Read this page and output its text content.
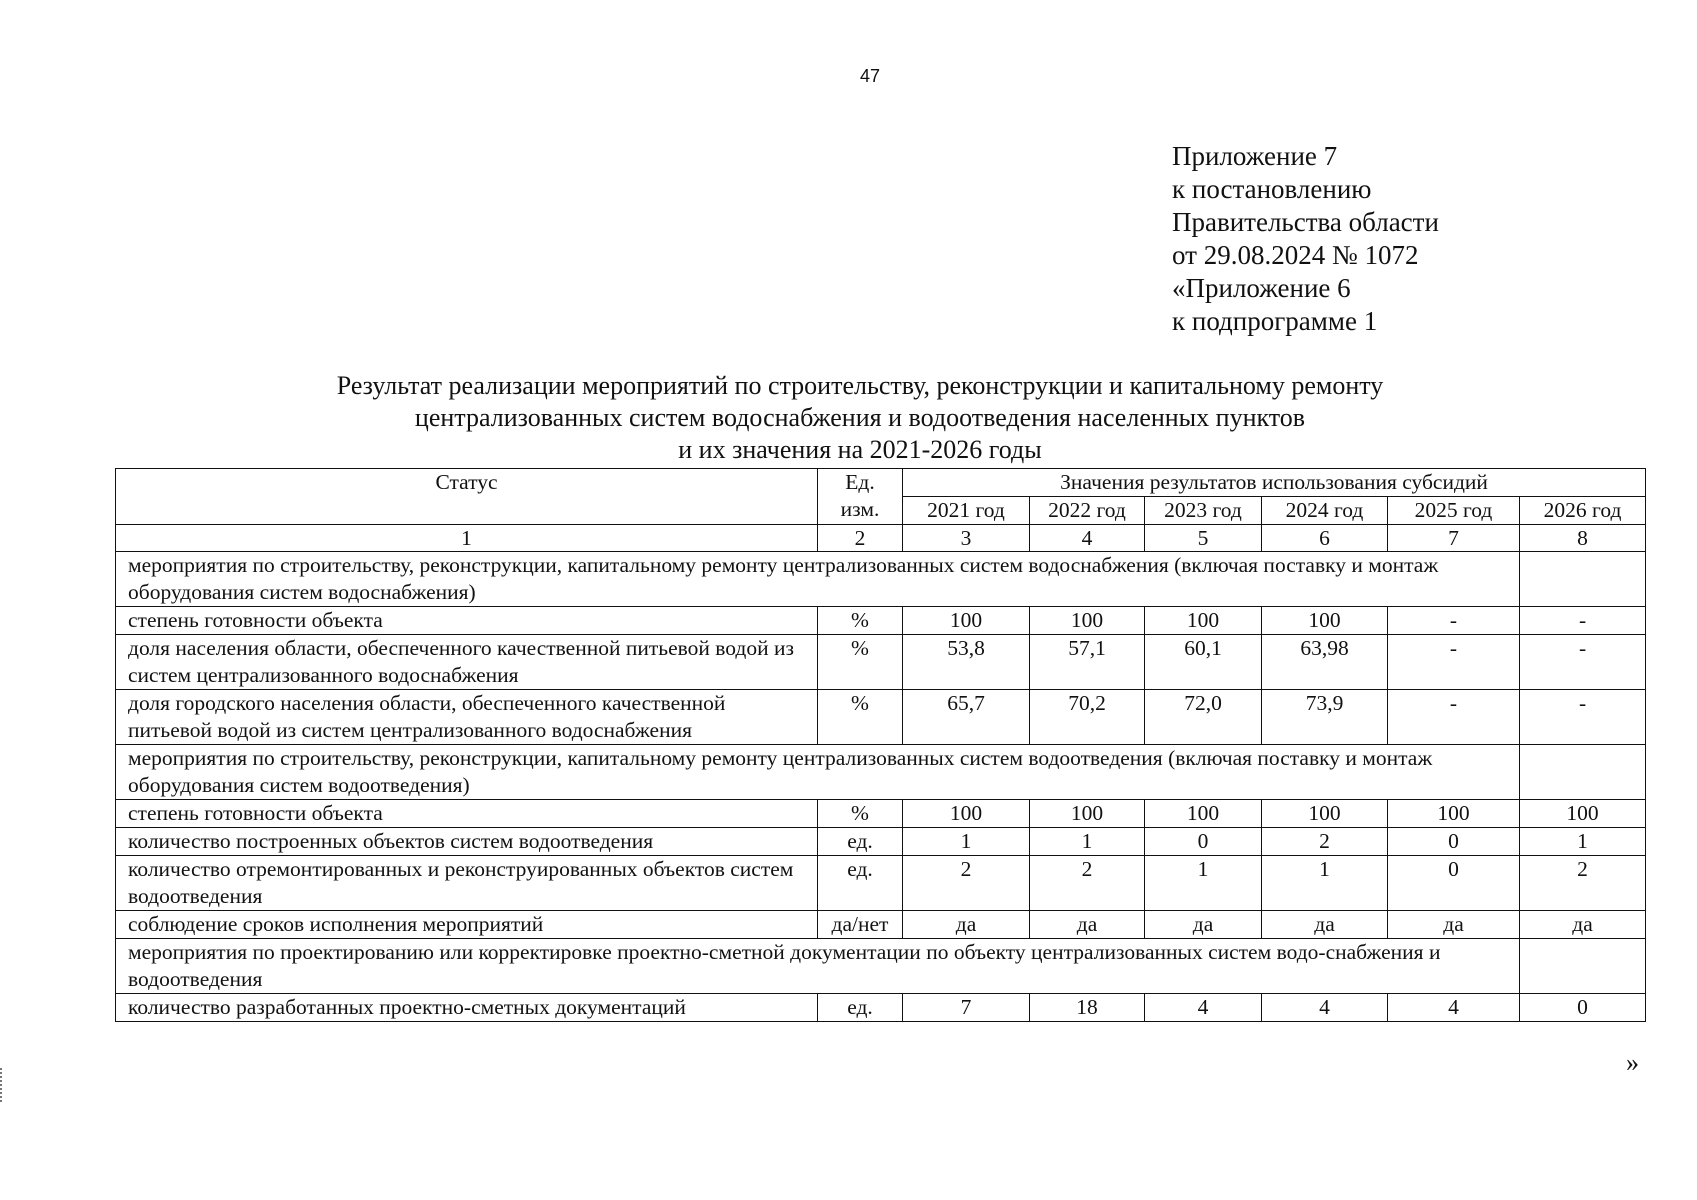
47
Приложение 7
к постановлению
Правительства области
от 29.08.2024 № 1072
«Приложение 6
к подпрограмме 1
Результат реализации мероприятий по строительству, реконструкции и капитальному ремонту
централизованных систем водоснабжения и водоотведения населенных пунктов
и их значения на 2021-2026 годы
Статус	Ед. изм.	Значения результатов использования субсидий					
		2021 год	2022 год	2023 год	2024 год	2025 год	2026 год
1	2	3	4	5	6	7	8
мероприятия по строительству, реконструкции, капитальному ремонту централизованных систем водоснабжения (включая поставку и монтаж оборудования систем водоснабжения)							
степень готовности объекта	%	100	100	100	100	-	-
доля населения области, обеспеченного качественной питьевой водой из систем централизованного водоснабжения	%	53,8	57,1	60,1	63,98	-	-
доля городского населения области, обеспеченного качественной питьевой водой из систем централизованного водоснабжения	%	65,7	70,2	72,0	73,9	-	-
мероприятия по строительству, реконструкции, капитальному ремонту централизованных систем водоотведения (включая поставку и монтаж оборудования систем водоотведения)							
степень готовности объекта	%	100	100	100	100	100	100
количество построенных объектов систем водоотведения	ед.	1	1	0	2	0	1
количество отремонтированных и реконструированных объектов систем водоотведения	ед.	2	2	1	1	0	2
соблюдение сроков исполнения мероприятий	да/нет	да	да	да	да	да	да
мероприятия по проектированию или корректировке проектно-сметной документации по объекту централизованных систем водо-снабжения и водоотведения							
количество разработанных проектно-сметных документаций	ед.	7	18	4	4	4	0
»
